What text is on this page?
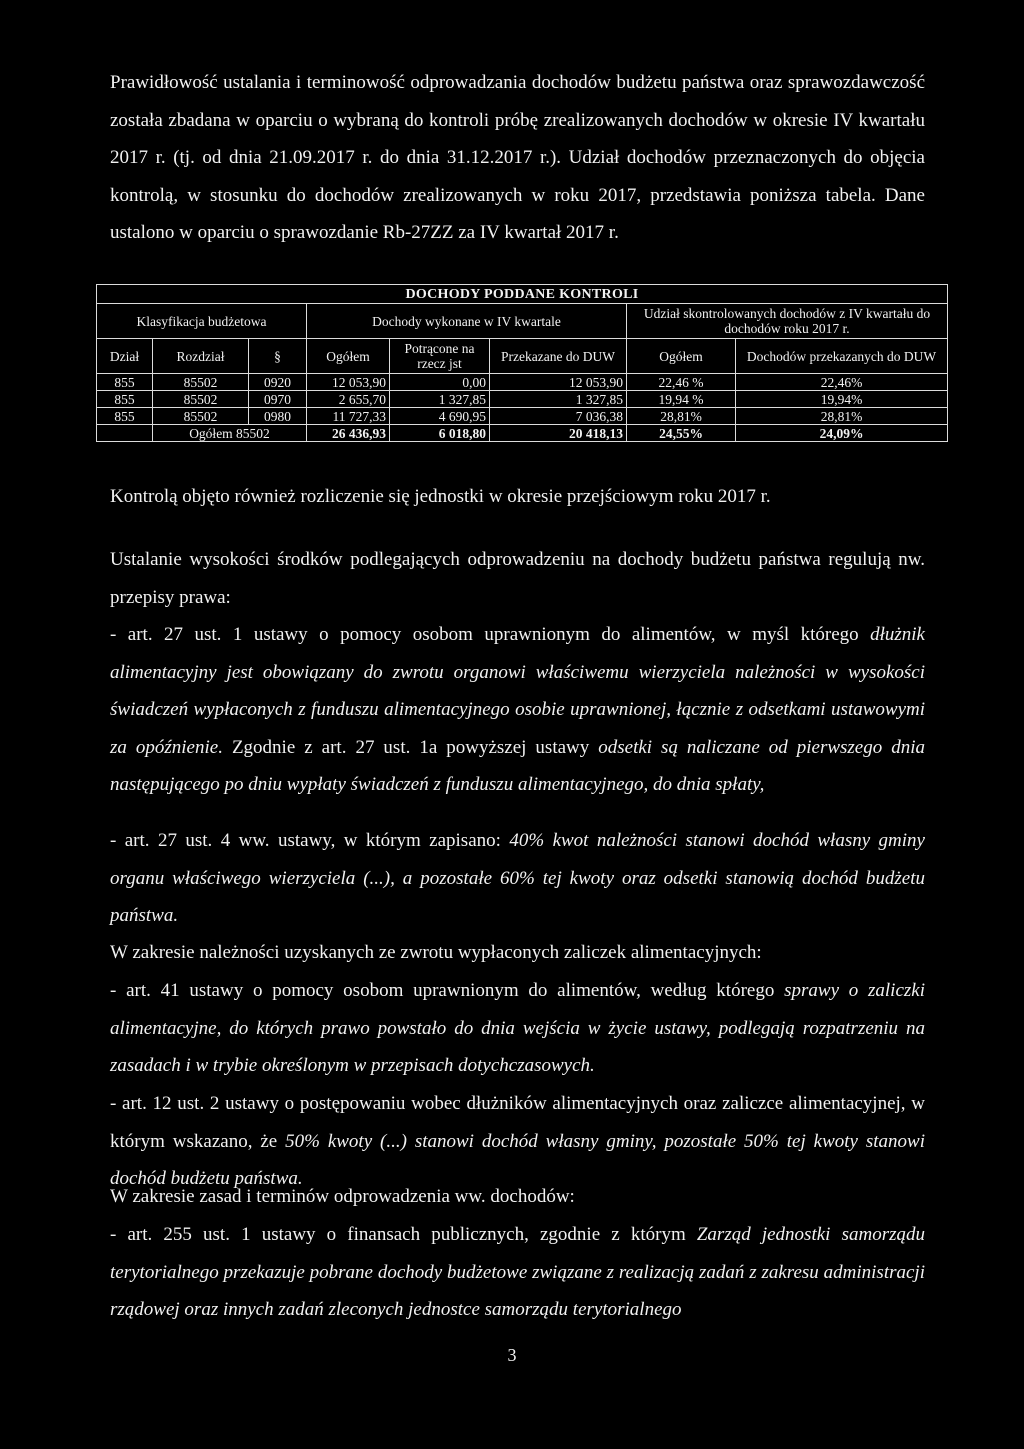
Prawidłowość ustalania i terminowość odprowadzania dochodów budżetu państwa oraz sprawozdawczość została zbadana w oparciu o wybraną do kontroli próbę zrealizowanych dochodów w okresie IV kwartału 2017 r. (tj. od dnia 21.09.2017 r. do dnia 31.12.2017 r.). Udział dochodów przeznaczonych do objęcia kontrolą, w stosunku do dochodów zrealizowanych w roku 2017, przedstawia poniższa tabela. Dane ustalono w oparciu o sprawozdanie Rb-27ZZ za IV kwartał 2017 r.

DOCHODY PODDANE KONTROLI							
Klasyfikacja budżetowa			Dochody wykonane w IV kwartale			Udział skontrolowanych dochodów z IV kwartału do dochodów roku 2017 r.	
Dział	Rozdział	§	Ogółem	Potrącone na rzecz jst	Przekazane do DUW	Ogółem	Dochodów przekazanych do DUW
855	85502	0920	12 053,90	0,00	12 053,90	22,46 %	22,46%
855	85502	0970	2 655,70	1 327,85	1 327,85	19,94 %	19,94%
855	85502	0980	11 727,33	4 690,95	7 036,38	28,81%	28,81%
	Ogółem 85502		26 436,93	6 018,80	20 418,13	24,55%	24,09%

Kontrolą objęto również rozliczenie się jednostki w okresie przejściowym roku 2017 r.

Ustalanie wysokości środków podlegających odprowadzeniu na dochody budżetu państwa regulują nw. przepisy prawa:

- art. 27 ust. 1 ustawy o pomocy osobom uprawnionym do alimentów, w myśl którego dłużnik alimentacyjny jest obowiązany do zwrotu organowi właściwemu wierzyciela należności w wysokości świadczeń wypłaconych z funduszu alimentacyjnego osobie uprawnionej, łącznie z odsetkami ustawowymi za opóźnienie. Zgodnie z art. 27 ust. 1a powyższej ustawy odsetki są naliczane od pierwszego dnia następującego po dniu wypłaty świadczeń z funduszu alimentacyjnego, do dnia spłaty,

- art. 27 ust. 4 ww. ustawy, w którym zapisano: 40% kwot należności stanowi dochód własny gminy organu właściwego wierzyciela (...), a pozostałe 60% tej kwoty oraz odsetki stanowią dochód budżetu państwa.

W zakresie należności uzyskanych ze zwrotu wypłaconych zaliczek alimentacyjnych:

- art. 41 ustawy o pomocy osobom uprawnionym do alimentów, według którego sprawy o zaliczki alimentacyjne, do których prawo powstało do dnia wejścia w życie ustawy, podlegają rozpatrzeniu na zasadach i w trybie określonym w przepisach dotychczasowych.

- art. 12 ust. 2 ustawy o postępowaniu wobec dłużników alimentacyjnych oraz zaliczce alimentacyjnej, w którym wskazano, że 50% kwoty (...) stanowi dochód własny gminy, pozostałe 50% tej kwoty stanowi dochód budżetu państwa.

W zakresie zasad i terminów odprowadzenia ww. dochodów:

- art. 255 ust. 1 ustawy o finansach publicznych, zgodnie z którym Zarząd jednostki samorządu terytorialnego przekazuje pobrane dochody budżetowe związane z realizacją zadań z zakresu administracji rządowej oraz innych zadań zleconych jednostce samorządu terytorialnego

3
